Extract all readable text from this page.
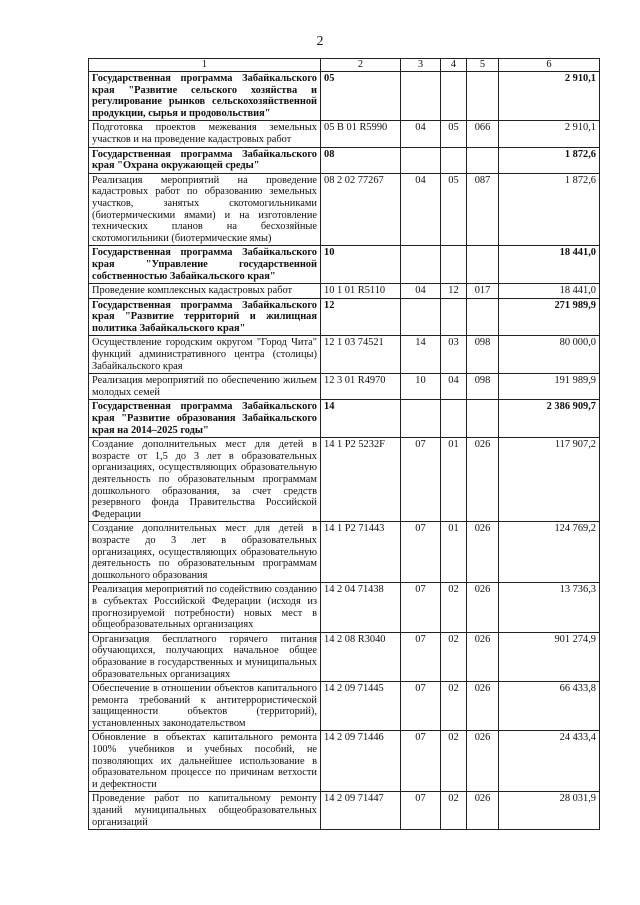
2
1	2	3	4	5	6
Государственная программа Забайкальского края "Развитие сельского хозяйства и регулирование рынков сельскохозяйственной продукции, сырья и продовольствия"	05				2 910,1
Подготовка проектов межевания земельных участков и на проведение кадастровых работ	05 B 01 R5990	04	05	066	2 910,1
Государственная программа Забайкальского края "Охрана окружающей среды"	08				1 872,6
Реализация мероприятий на проведение кадастровых работ по образованию земельных участков, занятых скотомогильниками (биотермическими ямами) и на изготовление технических планов на бесхозяйные скотомогильники (биотермические ямы)	08 2 02 77267	04	05	087	1 872,6
Государственная программа Забайкальского края "Управление государственной собственностью Забайкальского края"	10				18 441,0
Проведение комплексных кадастровых работ	10 1 01 R5110	04	12	017	18 441,0
Государственная программа Забайкальского края "Развитие территорий и жилищная политика Забайкальского края"	12				271 989,9
Осуществление городским округом "Город Чита" функций административного центра (столицы) Забайкальского края	12 1 03 74521	14	03	098	80 000,0
Реализация мероприятий по обеспечению жильем молодых семей	12 3 01 R4970	10	04	098	191 989,9
Государственная программа Забайкальского края "Развитие образования Забайкальского края на 2014–2025 годы"	14				2 386 909,7
Создание дополнительных мест для детей в возрасте от 1,5 до 3 лет в образовательных организациях, осуществляющих образовательную деятельность по образовательным программам дошкольного образования, за счет средств резервного фонда Правительства Российской Федерации	14 1 P2 5232F	07	01	026	117 907,2
Создание дополнительных мест для детей в возрасте до 3 лет в образовательных организациях, осуществляющих образовательную деятельность по образовательным программам дошкольного образования	14 1 P2 71443	07	01	026	124 769,2
Реализация мероприятий по содействию созданию в субъектах Российской Федерации (исходя из прогнозируемой потребности) новых мест в общеобразовательных организациях	14 2 04 71438	07	02	026	13 736,3
Организация бесплатного горячего питания обучающихся, получающих начальное общее образование в государственных и муниципальных образовательных организациях	14 2 08 R3040	07	02	026	901 274,9
Обеспечение в отношении объектов капитального ремонта требований к антитеррористической защищенности объектов (территорий), установленных законодательством	14 2 09 71445	07	02	026	66 433,8
Обновление в объектах капитального ремонта 100% учебников и учебных пособий, не позволяющих их дальнейшее использование в образовательном процессе по причинам ветхости и дефектности	14 2 09 71446	07	02	026	24 433,4
Проведение работ по капитальному ремонту зданий муниципальных общеобразовательных организаций	14 2 09 71447	07	02	026	28 031,9
